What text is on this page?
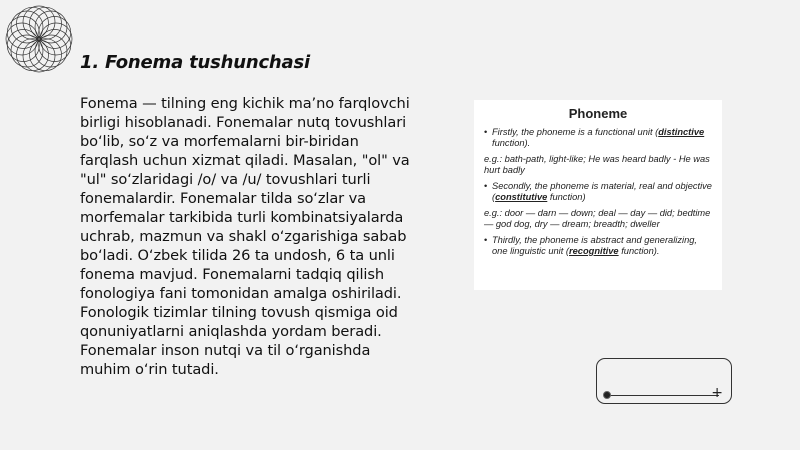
1. Fonema tushunchasi
Fonema — tilning eng kichik ma’no farqlovchi birligi hisoblanadi. Fonemalar nutq tovushlari bo‘lib, so‘z va morfemalarni bir-biridan farqlash uchun xizmat qiladi. Masalan, "ol" va "ul" so‘zlaridagi /o/ va /u/ tovushlari turli fonemalardir. Fonemalar tilda so‘zlar va morfemalar tarkibida turli kombinatsiyalarda uchrab, mazmun va shakl o‘zgarishiga sabab bo‘ladi. O‘zbek tilida 26 ta undosh, 6 ta unli fonema mavjud. Fonemalarni tadqiq qilish fonologiya fani tomonidan amalga oshiriladi. Fonologik tizimlar tilning tovush qismiga oid qonuniyatlarni aniqlashda yordam beradi. Fonemalar inson nutqi va til o‘rganishda muhim o‘rin tutadi.
Phoneme
• Firstly, the phoneme is a functional unit (distinctive function).
e.g.: bath-path, light-like; He was heard badly - He was hurt badly
• Secondly, the phoneme is material, real and objective (constitutive function)
e.g.: door — darn — down; deal — day — did; bedtime — god dog, dry — dream; breadth; dweller
• Thirdly, the phoneme is abstract and generalizing, one linguistic unit (recognitive function).
+
